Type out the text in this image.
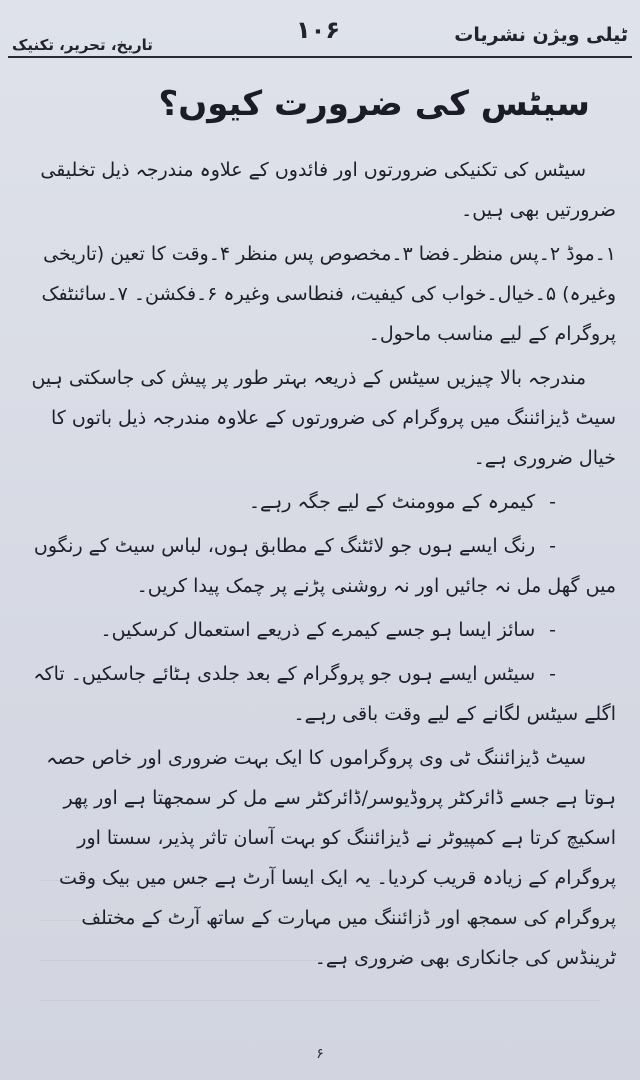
ٹیلی ویژن نشریات
۱۰۶
تاریخ، تحریر، تکنیک
سیٹس کی ضرورت کیوں؟

سیٹس کی تکنیکی ضرورتوں اور فائدوں کے علاوہ مندرجہ ذیل تخلیقی ضرورتیں بھی ہیں۔

۱۔موڈ ۲۔پس منظر۔فضا ۳۔مخصوص پس منظر ۴۔وقت کا تعین (تاریخی وغیرہ) ۵۔خیال۔خواب کی کیفیت، فنطاسی وغیرہ ۶۔فکشن۔ ۷۔سائنٹفک پروگرام کے لیے مناسب ماحول۔

مندرجہ بالا چیزیں سیٹس کے ذریعہ بہتر طور پر پیش کی جاسکتی ہیں سیٹ ڈیزائننگ میں پروگرام کی ضرورتوں کے علاوہ مندرجہ ذیل باتوں کا خیال ضروری ہے۔

-کیمرہ کے موومنٹ کے لیے جگہ رہے۔

-رنگ ایسے ہوں جو لائٹنگ کے مطابق ہوں، لباس سیٹ کے رنگوں میں گھل مل نہ جائیں اور نہ روشنی پڑنے پر چمک پیدا کریں۔

-سائز ایسا ہو جسے کیمرے کے ذریعے استعمال کرسکیں۔

-سیٹس ایسے ہوں جو پروگرام کے بعد جلدی ہٹائے جاسکیں۔ تاکہ اگلے سیٹس لگانے کے لیے وقت باقی رہے۔

سیٹ ڈیزائننگ ٹی وی پروگراموں کا ایک بہت ضروری اور خاص حصہ ہوتا ہے جسے ڈائرکٹر پروڈیوسر/ڈائرکٹر سے مل کر سمجھتا ہے اور پھر اسکیچ کرتا ہے کمپیوٹر نے ڈیزائننگ کو بہت آسان تاثر پذیر، سستا اور پروگرام کے زیادہ قریب کردیا۔ یہ ایک ایسا آرٹ ہے جس میں بیک وقت پروگرام کی سمجھ اور ڈزائننگ میں مہارت کے ساتھ آرٹ کے مختلف ٹرینڈس کی جانکاری بھی ضروری ہے۔

۶
